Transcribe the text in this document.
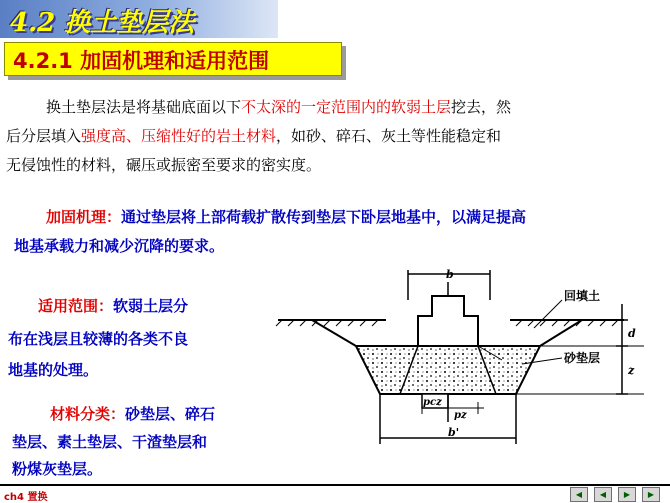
4.2 换土垫层法
4.2.1 加固机理和适用范围
换土垫层法是将基础底面以下不太深的一定范围内的软弱土层挖去，然
后分层填入强度高、压缩性好的岩土材料，如砂、碎石、灰土等性能稳定和
无侵蚀性的材料，碾压或振密至要求的密实度。
加固机理：通过垫层将上部荷载扩散传到垫层下卧层地基中，以满足提高
地基承载力和减少沉降的要求。
适用范围：软弱土层分
布在浅层且较薄的各类不良
地基的处理。
材料分类：砂垫层、碎石
垫层、素土垫层、干渣垫层和
粉煤灰垫层。
b
pcz
pz
b'
d
z
回填土
砂垫层
ch4 置换	◀ ◀ ▶ ▶
